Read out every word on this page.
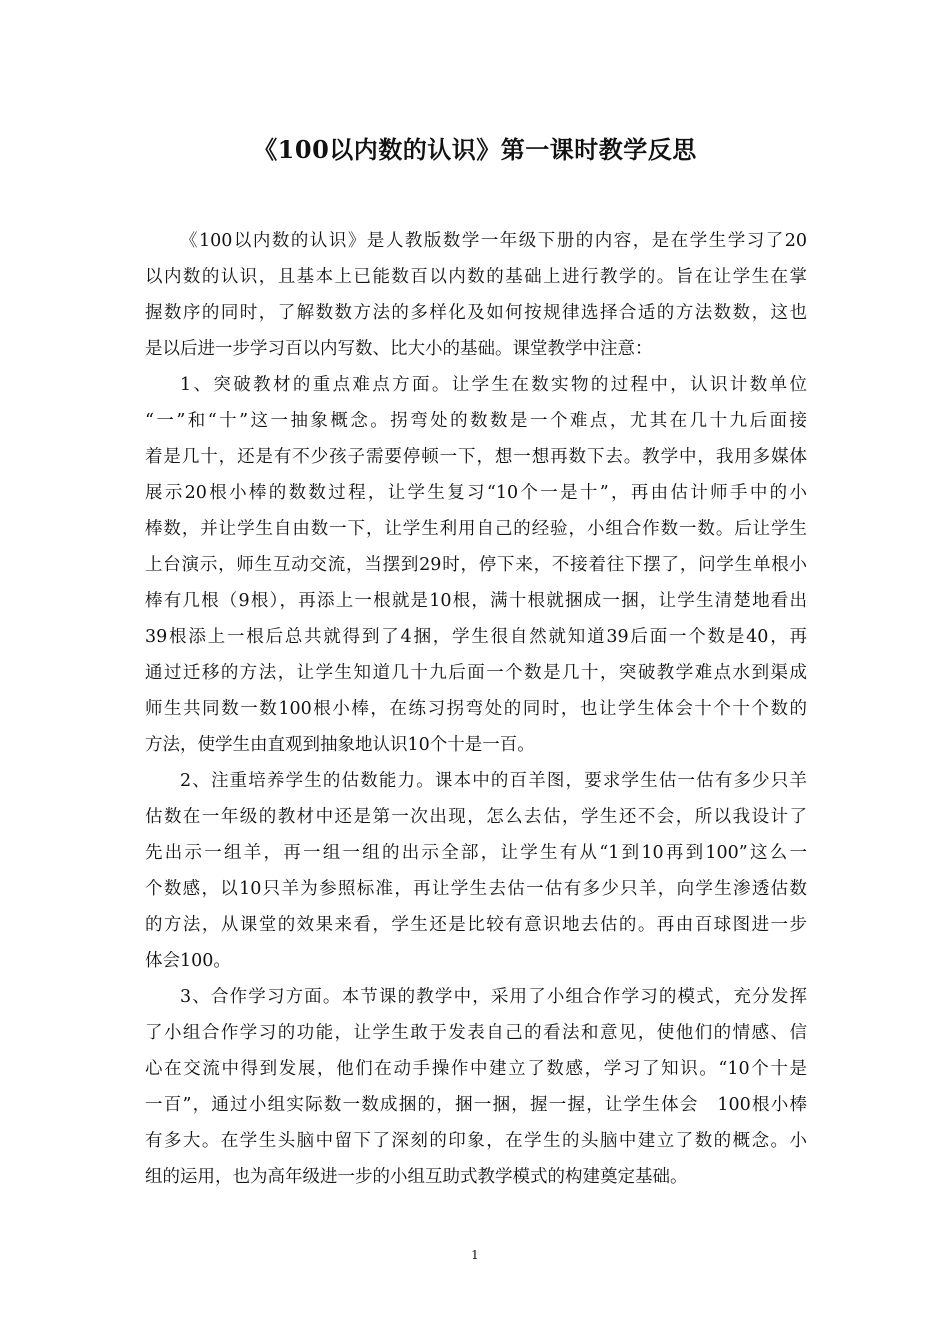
《100以内数的认识》第一课时教学反思
《100以内数的认识》是人教版数学一年级下册的内容，是在学生学习了20
以内数的认识，且基本上已能数百以内数的基础上进行教学的。旨在让学生在掌
握数序的同时，了解数数方法的多样化及如何按规律选择合适的方法数数，这也
是以后进一步学习百以内写数、比大小的基础。课堂教学中注意：
1、突破教材的重点难点方面。让学生在数实物的过程中，认识计数单位
“一”和“十”这一抽象概念。拐弯处的数数是一个难点，尤其在几十九后面接
着是几十，还是有不少孩子需要停顿一下，想一想再数下去。教学中，我用多媒体
展示20根小棒的数数过程，让学生复习“10个一是十”，再由估计师手中的小
棒数，并让学生自由数一下，让学生利用自己的经验，小组合作数一数。后让学生
上台演示，师生互动交流，当摆到29时，停下来，不接着往下摆了，问学生单根小
棒有几根（9根），再添上一根就是10根，满十根就捆成一捆，让学生清楚地看出
39根添上一根后总共就得到了4捆，学生很自然就知道39后面一个数是40，再
通过迁移的方法，让学生知道几十九后面一个数是几十，突破教学难点水到渠成
师生共同数一数100根小棒，在练习拐弯处的同时，也让学生体会十个十个数的
方法，使学生由直观到抽象地认识10个十是一百。
2、注重培养学生的估数能力。课本中的百羊图，要求学生估一估有多少只羊
估数在一年级的教材中还是第一次出现，怎么去估，学生还不会，所以我设计了
先出示一组羊，再一组一组的出示全部，让学生有从“1到10再到100”这么一
个数感，以10只羊为参照标准，再让学生去估一估有多少只羊，向学生渗透估数
的方法，从课堂的效果来看，学生还是比较有意识地去估的。再由百球图进一步
体会100。
3、合作学习方面。本节课的教学中，采用了小组合作学习的模式，充分发挥
了小组合作学习的功能，让学生敢于发表自己的看法和意见，使他们的情感、信
心在交流中得到发展，他们在动手操作中建立了数感，学习了知识。“10个十是
一百”，通过小组实际数一数成捆的，捆一捆，握一握，让学生体会　100根小棒
有多大。在学生头脑中留下了深刻的印象，在学生的头脑中建立了数的概念。小
组的运用，也为高年级进一步的小组互助式教学模式的构建奠定基础。
1
